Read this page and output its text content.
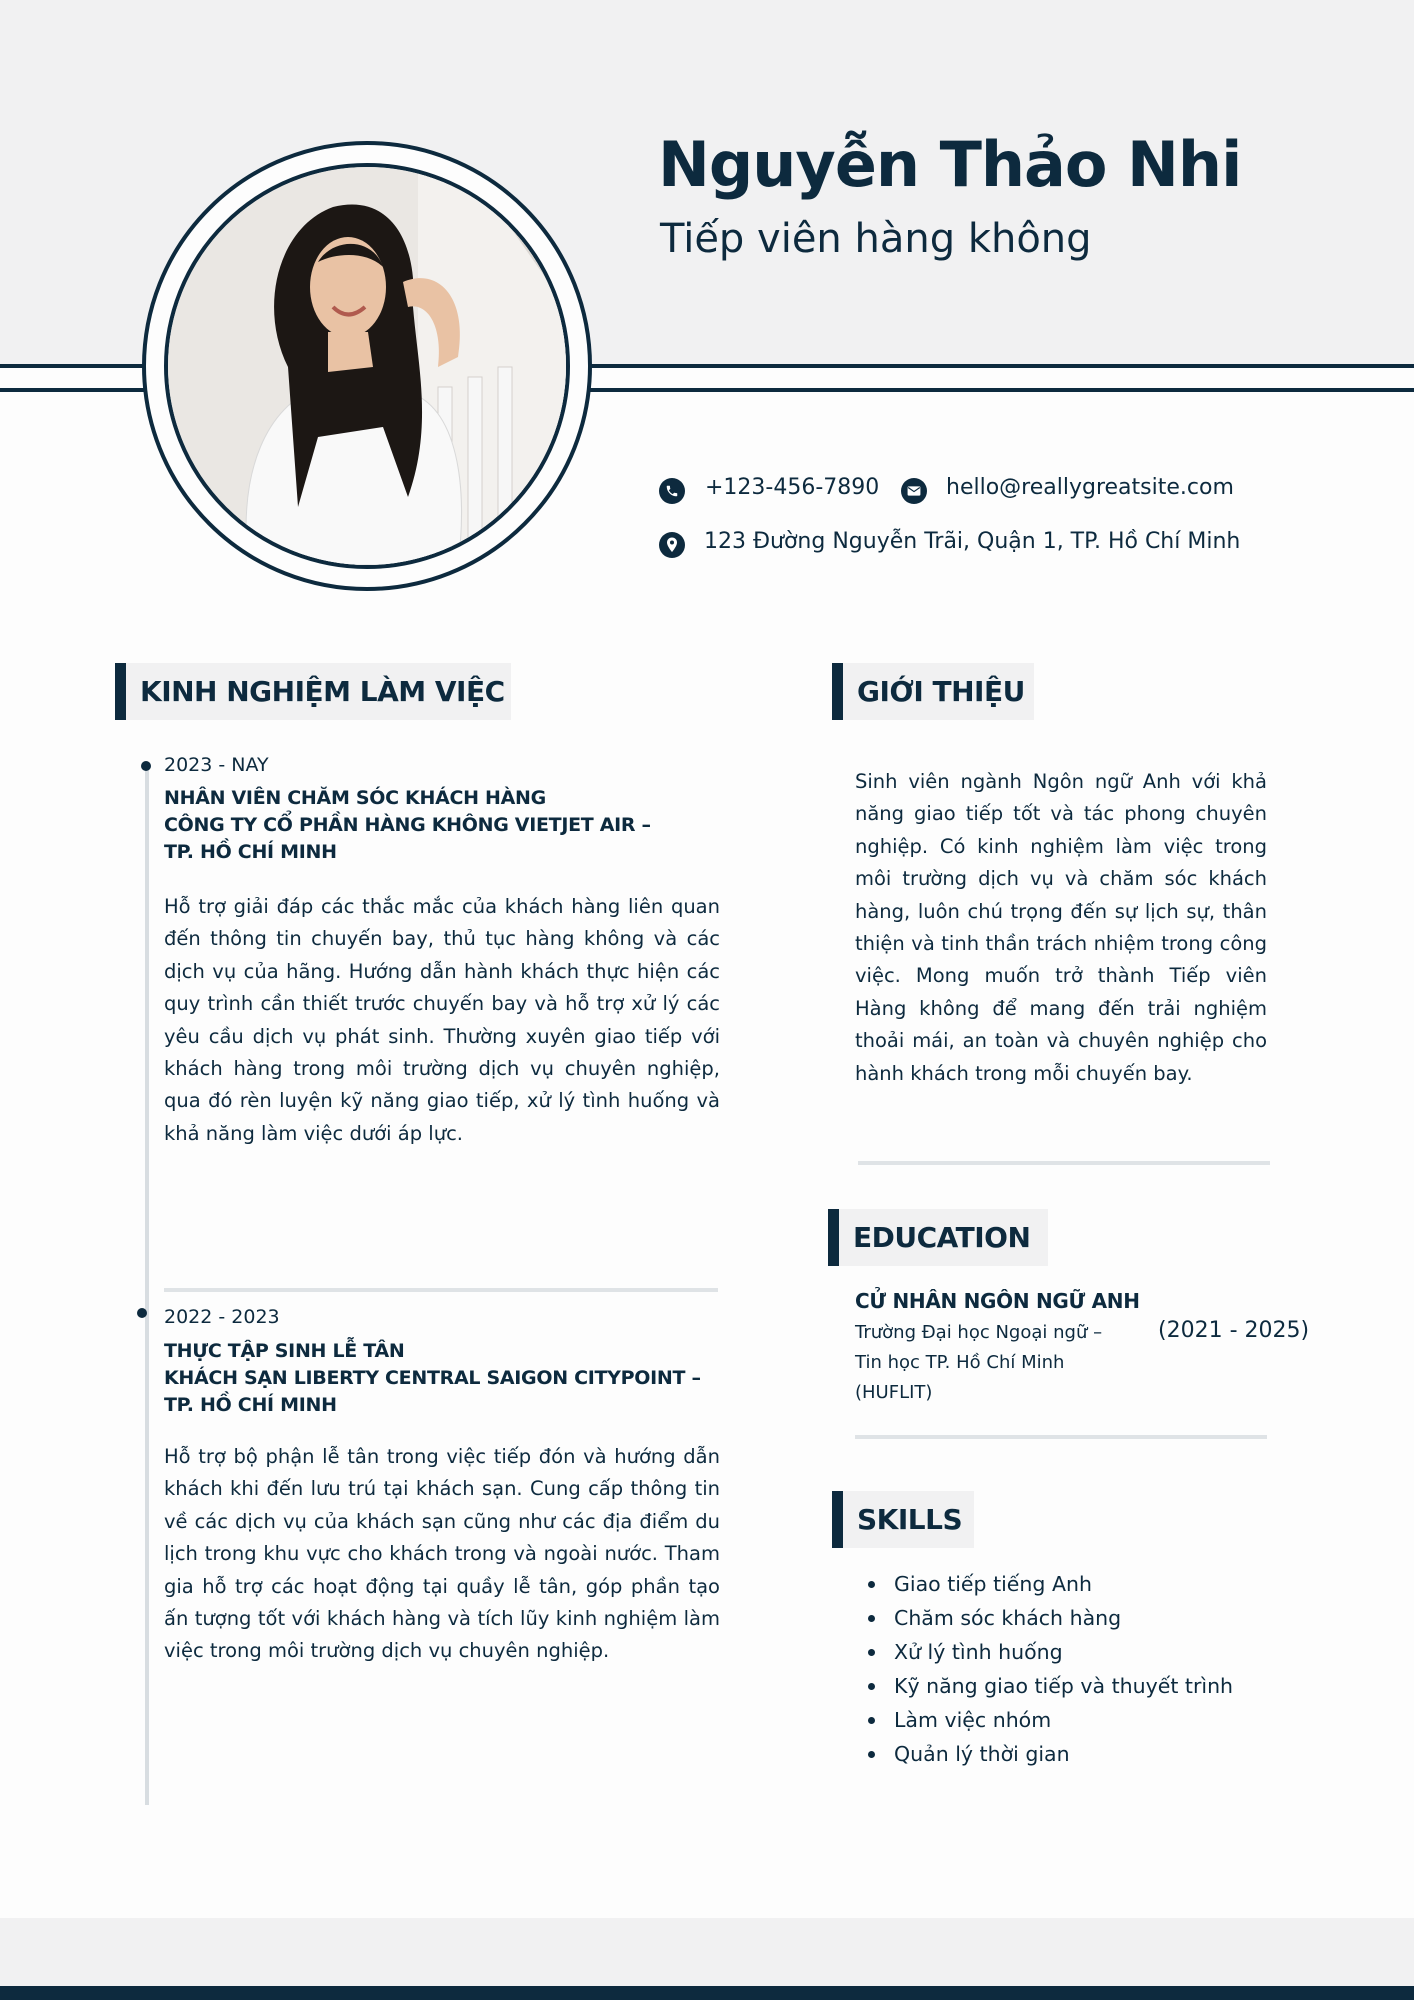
Nguyễn Thảo Nhi
Tiếp viên hàng không
+123-456-7890	hello@reallygreatsite.com
123 Đường Nguyễn Trãi, Quận 1, TP. Hồ Chí Minh
KINH NGHIỆM LÀM VIỆC
2023 - NAY
NHÂN VIÊN CHĂM SÓC KHÁCH HÀNG
CÔNG TY CỔ PHẦN HÀNG KHÔNG VIETJET AIR –
TP. HỒ CHÍ MINH
Hỗ trợ giải đáp các thắc mắc của khách hàng liên quan đến thông tin chuyến bay, thủ tục hàng không và các dịch vụ của hãng. Hướng dẫn hành khách thực hiện các quy trình cần thiết trước chuyến bay và hỗ trợ xử lý các yêu cầu dịch vụ phát sinh. Thường xuyên giao tiếp với khách hàng trong môi trường dịch vụ chuyên nghiệp, qua đó rèn luyện kỹ năng giao tiếp, xử lý tình huống và khả năng làm việc dưới áp lực.
2022 - 2023
THỰC TẬP SINH LỄ TÂN
KHÁCH SẠN LIBERTY CENTRAL SAIGON CITYPOINT –
TP. HỒ CHÍ MINH
Hỗ trợ bộ phận lễ tân trong việc tiếp đón và hướng dẫn khách khi đến lưu trú tại khách sạn. Cung cấp thông tin về các dịch vụ của khách sạn cũng như các địa điểm du lịch trong khu vực cho khách trong và ngoài nước. Tham gia hỗ trợ các hoạt động tại quầy lễ tân, góp phần tạo ấn tượng tốt với khách hàng và tích lũy kinh nghiệm làm việc trong môi trường dịch vụ chuyên nghiệp.
GIỚI THIỆU
Sinh viên ngành Ngôn ngữ Anh với khả năng giao tiếp tốt và tác phong chuyên nghiệp. Có kinh nghiệm làm việc trong môi trường dịch vụ và chăm sóc khách hàng, luôn chú trọng đến sự lịch sự, thân thiện và tinh thần trách nhiệm trong công việc. Mong muốn trở thành Tiếp viên Hàng không để mang đến trải nghiệm thoải mái, an toàn và chuyên nghiệp cho hành khách trong mỗi chuyến bay.
EDUCATION
CỬ NHÂN NGÔN NGỮ ANH
Trường Đại học Ngoại ngữ –
Tin học TP. Hồ Chí Minh
(HUFLIT)
(2021 - 2025)
SKILLS
Giao tiếp tiếng Anh
Chăm sóc khách hàng
Xử lý tình huống
Kỹ năng giao tiếp và thuyết trình
Làm việc nhóm
Quản lý thời gian
